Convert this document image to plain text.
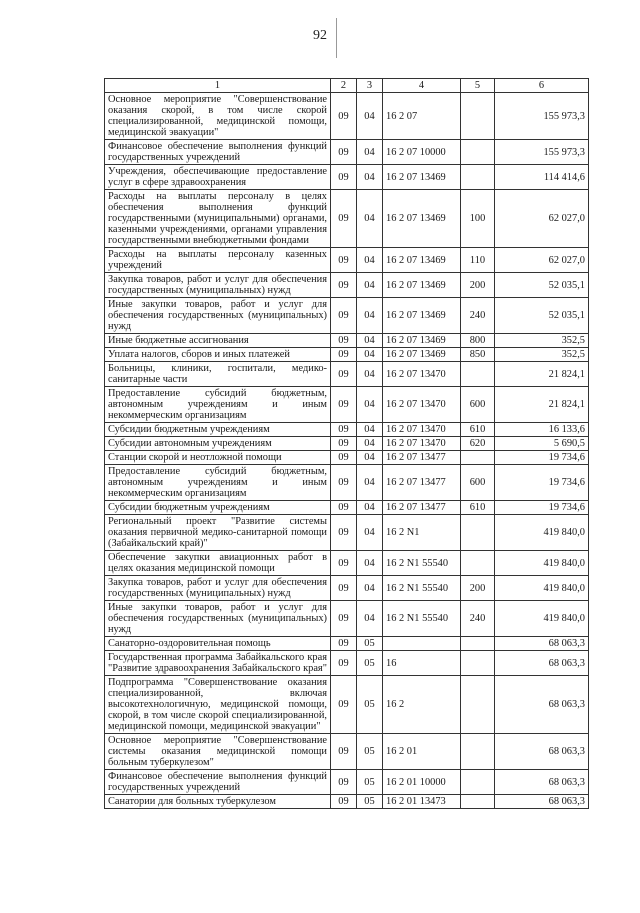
92
1	2	3	4	5	6
Основное мероприятие "Совершенствование оказания скорой, в том числе скорой специализированной, медицинской помощи, медицинской эвакуации"	09	04	16 2 07		155 973,3
Финансовое обеспечение выполнения функций государственных учреждений	09	04	16 2 07 10000		155 973,3
Учреждения, обеспечивающие предоставление услуг в сфере здравоохранения	09	04	16 2 07 13469		114 414,6
Расходы на выплаты персоналу в целях обеспечения выполнения функций государственными (муниципальными) органами, казенными учреждениями, органами управления государственными внебюджетными фондами	09	04	16 2 07 13469	100	62 027,0
Расходы на выплаты персоналу казенных учреждений	09	04	16 2 07 13469	110	62 027,0
Закупка товаров, работ и услуг для обеспечения государственных (муниципальных) нужд	09	04	16 2 07 13469	200	52 035,1
Иные закупки товаров, работ и услуг для обеспечения государственных (муниципальных) нужд	09	04	16 2 07 13469	240	52 035,1
Иные бюджетные ассигнования	09	04	16 2 07 13469	800	352,5
Уплата налогов, сборов и иных платежей	09	04	16 2 07 13469	850	352,5
Больницы, клиники, госпитали, медико-санитарные части	09	04	16 2 07 13470		21 824,1
Предоставление субсидий бюджетным, автономным учреждениям и иным некоммерческим организациям	09	04	16 2 07 13470	600	21 824,1
Субсидии бюджетным учреждениям	09	04	16 2 07 13470	610	16 133,6
Субсидии автономным учреждениям	09	04	16 2 07 13470	620	5 690,5
Станции скорой и неотложной помощи	09	04	16 2 07 13477		19 734,6
Предоставление субсидий бюджетным, автономным учреждениям и иным некоммерческим организациям	09	04	16 2 07 13477	600	19 734,6
Субсидии бюджетным учреждениям	09	04	16 2 07 13477	610	19 734,6
Региональный проект "Развитие системы оказания первичной медико-санитарной помощи (Забайкальский край)"	09	04	16 2 N1		419 840,0
Обеспечение закупки авиационных работ в целях оказания медицинской помощи	09	04	16 2 N1 55540		419 840,0
Закупка товаров, работ и услуг для обеспечения государственных (муниципальных) нужд	09	04	16 2 N1 55540	200	419 840,0
Иные закупки товаров, работ и услуг для обеспечения государственных (муниципальных) нужд	09	04	16 2 N1 55540	240	419 840,0
Санаторно-оздоровительная помощь	09	05			68 063,3
Государственная программа Забайкальского края "Развитие здравоохранения Забайкальского края"	09	05	16		68 063,3
Подпрограмма "Совершенствование оказания специализированной, включая высокотехнологичную, медицинской помощи, скорой, в том числе скорой специализированной, медицинской помощи, медицинской эвакуации"	09	05	16 2		68 063,3
Основное мероприятие "Совершенствование системы оказания медицинской помощи больным туберкулезом"	09	05	16 2 01		68 063,3
Финансовое обеспечение выполнения функций государственных учреждений	09	05	16 2 01 10000		68 063,3
Санатории для больных туберкулезом	09	05	16 2 01 13473		68 063,3
